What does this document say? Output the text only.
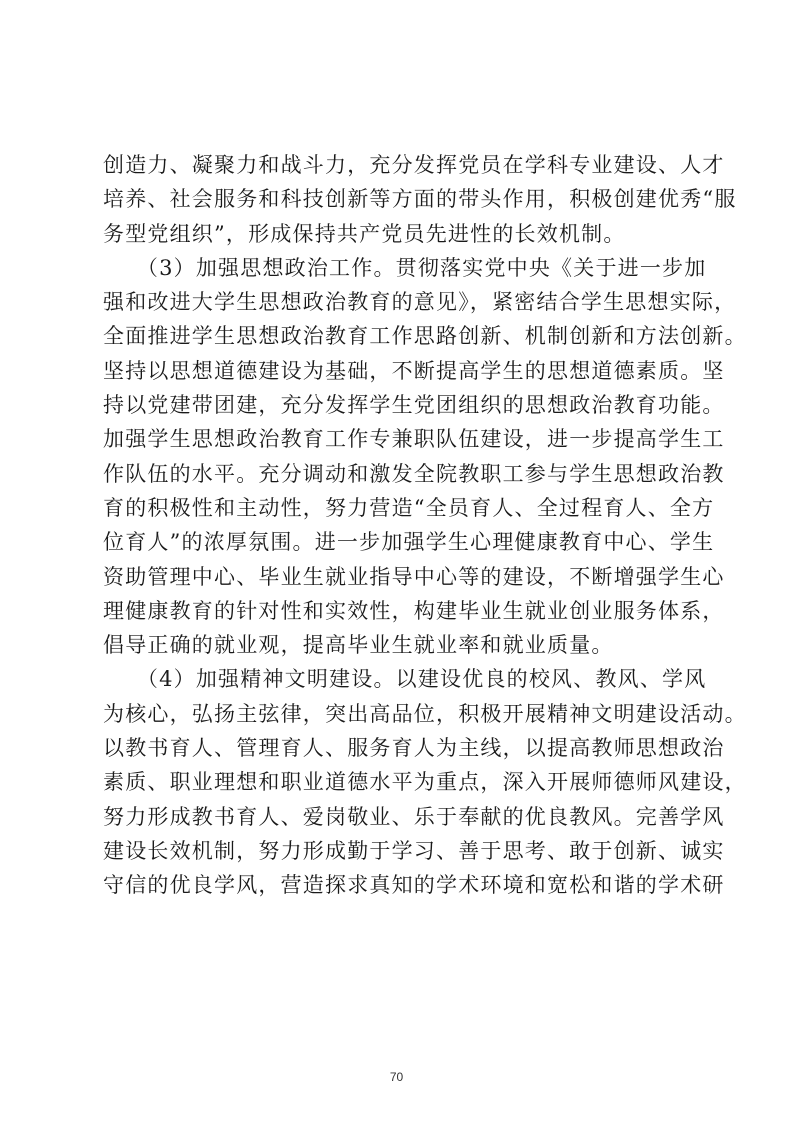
创造力、凝聚力和战斗力，充分发挥党员在学科专业建设、人才
培养、社会服务和科技创新等方面的带头作用，积极创建优秀“服
务型党组织”，形成保持共产党员先进性的长效机制。
　　（3）加强思想政治工作。贯彻落实党中央《关于进一步加
强和改进大学生思想政治教育的意见》，紧密结合学生思想实际，
全面推进学生思想政治教育工作思路创新、机制创新和方法创新。
坚持以思想道德建设为基础，不断提高学生的思想道德素质。坚
持以党建带团建，充分发挥学生党团组织的思想政治教育功能。
加强学生思想政治教育工作专兼职队伍建设，进一步提高学生工
作队伍的水平。充分调动和激发全院教职工参与学生思想政治教
育的积极性和主动性，努力营造“全员育人、全过程育人、全方
位育人”的浓厚氛围。进一步加强学生心理健康教育中心、学生
资助管理中心、毕业生就业指导中心等的建设，不断增强学生心
理健康教育的针对性和实效性，构建毕业生就业创业服务体系，
倡导正确的就业观，提高毕业生就业率和就业质量。
　　（4）加强精神文明建设。以建设优良的校风、教风、学风
为核心，弘扬主弦律，突出高品位，积极开展精神文明建设活动。
以教书育人、管理育人、服务育人为主线，以提高教师思想政治
素质、职业理想和职业道德水平为重点，深入开展师德师风建设，
努力形成教书育人、爱岗敬业、乐于奉献的优良教风。完善学风
建设长效机制，努力形成勤于学习、善于思考、敢于创新、诚实
守信的优良学风，营造探求真知的学术环境和宽松和谐的学术研
70
